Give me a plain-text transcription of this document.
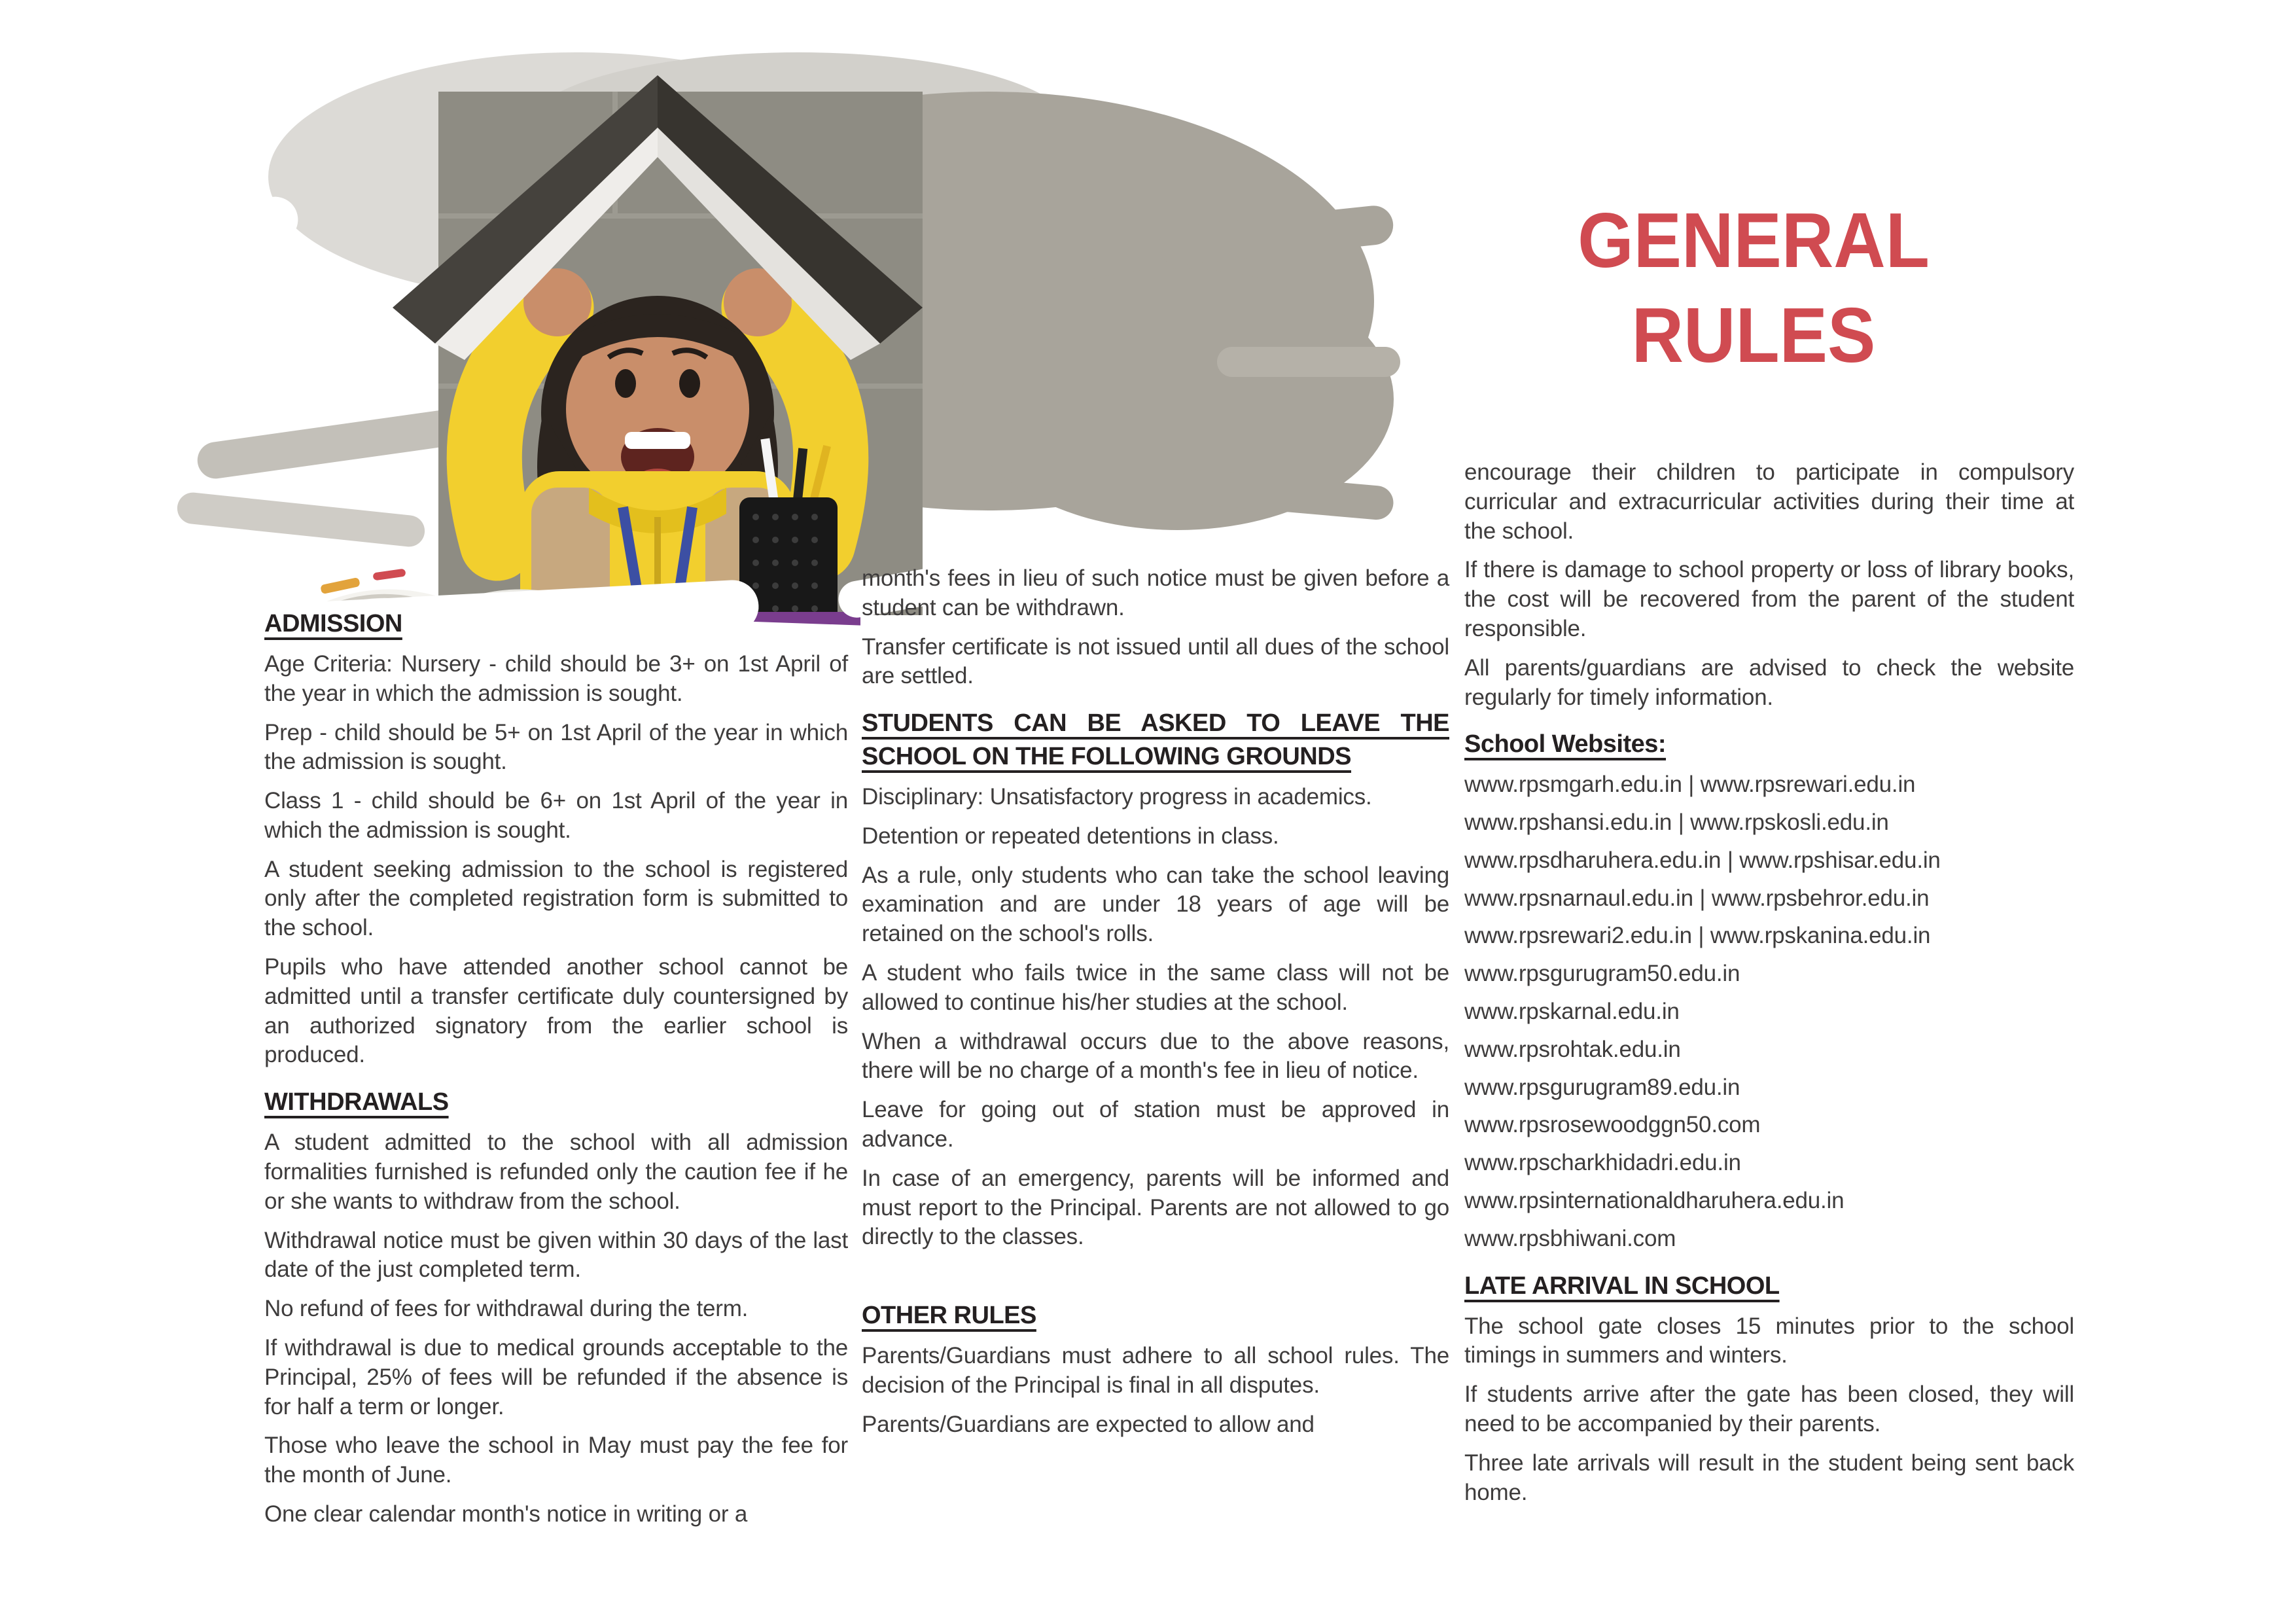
GENERAL
RULES
ADMISSION

Age Criteria: Nursery - child should be 3+ on 1st April of the year in which the admission is sought.

Prep - child should be 5+ on 1st April of the year in which the admission is sought.

Class 1 - child should be 6+ on 1st April of the year in which the admission is sought.

A student seeking admission to the school is registered only after the completed registration form is submitted to the school.

Pupils who have attended another school cannot be admitted until a transfer certificate duly countersigned by an authorized signatory from the earlier school is produced.

WITHDRAWALS

A student admitted to the school with all admission formalities furnished is refunded only the caution fee if he or she wants to withdraw from the school.

Withdrawal notice must be given within 30 days of the last date of the just completed term.

No refund of fees for withdrawal during the term.

If withdrawal is due to medical grounds acceptable to the Principal, 25% of fees will be refunded if the absence is for half a term or longer.

Those who leave the school in May must pay the fee for the month of June.

One clear calendar month's notice in writing or a

month's fees in lieu of such notice must be given before a student can be withdrawn.

Transfer certificate is not issued until all dues of the school are settled.

STUDENTS CAN BE ASKED TO LEAVE THE SCHOOL ON THE FOLLOWING GROUNDS

Disciplinary: Unsatisfactory progress in academics.

Detention or repeated detentions in class.

As a rule, only students who can take the school leaving examination and are under 18 years of age will be retained on the school's rolls.

A student who fails twice in the same class will not be allowed to continue his/her studies at the school.

When a withdrawal occurs due to the above reasons, there will be no charge of a month's fee in lieu of notice.

Leave for going out of station must be approved in advance.

In case of an emergency, parents will be informed and must report to the Principal. Parents are not allowed to go directly to the classes.

OTHER RULES

Parents/Guardians must adhere to all school rules. The decision of the Principal is final in all disputes.

Parents/Guardians are expected to allow and

encourage their children to participate in compulsory curricular and extracurricular activities during their time at the school.

If there is damage to school property or loss of library books, the cost will be recovered from the parent of the student responsible.

All parents/guardians are advised to check the website regularly for timely information.

School Websites:

www.rpsmgarh.edu.in | www.rpsrewari.edu.in

www.rpshansi.edu.in | www.rpskosli.edu.in

www.rpsdharuhera.edu.in | www.rpshisar.edu.in

www.rpsnarnaul.edu.in | www.rpsbehror.edu.in

www.rpsrewari2.edu.in | www.rpskanina.edu.in

www.rpsgurugram50.edu.in

www.rpskarnal.edu.in

www.rpsrohtak.edu.in

www.rpsgurugram89.edu.in

www.rpsrosewoodggn50.com

www.rpscharkhidadri.edu.in

www.rpsinternationaldharuhera.edu.in

www.rpsbhiwani.com

LATE ARRIVAL IN SCHOOL

The school gate closes 15 minutes prior to the school timings in summers and winters.

If students arrive after the gate has been closed, they will need to be accompanied by their parents.

Three late arrivals will result in the student being sent back home.
